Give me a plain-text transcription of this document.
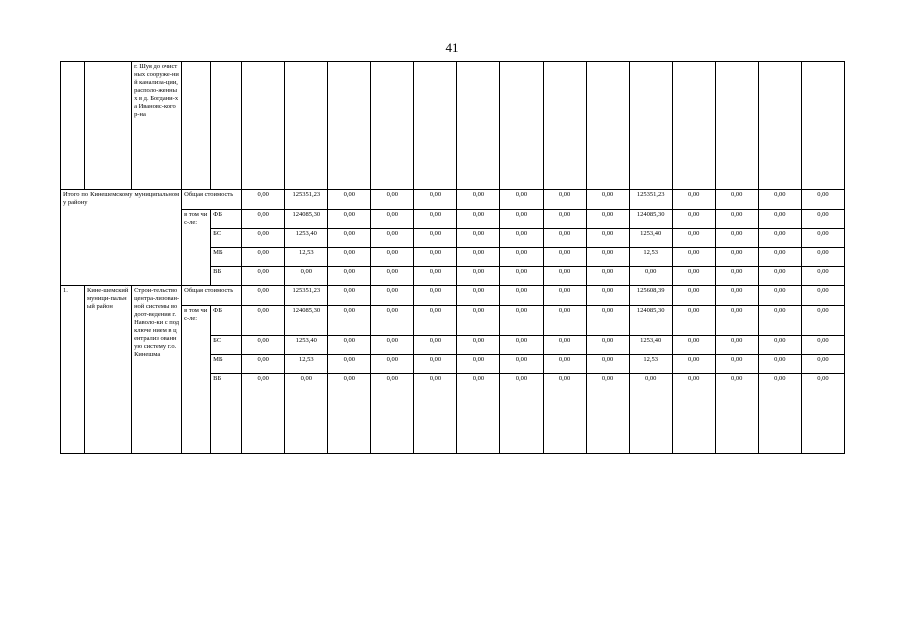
41
		г. Шуя до очистных сооруже-ний канализа-ции, располо-женных в д. Богдани-ха Ивановс-кого р-на																
Итого по Кинешемскому муниципальному району			Общая стоимость		0,00	125351,23	0,00	0,00	0,00	0,00	0,00	0,00	0,00	125351,23	0,00	0,00	0,00	0,00
			в том чис-ле:	ФБ	0,00	124085,30	0,00	0,00	0,00	0,00	0,00	0,00	0,00	124085,30	0,00	0,00	0,00	0,00
				БС	0,00	1253,40	0,00	0,00	0,00	0,00	0,00	0,00	0,00	1253,40	0,00	0,00	0,00	0,00
				МБ	0,00	12,53	0,00	0,00	0,00	0,00	0,00	0,00	0,00	12,53	0,00	0,00	0,00	0,00
				ВБ	0,00	0,00	0,00	0,00	0,00	0,00	0,00	0,00	0,00	0,00	0,00	0,00	0,00	0,00
1.	Кине-шемский муници-пальный район	Строи-тельство центра-лизован-ной системы водоот-ведения г. Наволо-ки с подключе нием в централиз ованную систему г.о. Кинешма	Общая стоимость		0,00	125351,23	0,00	0,00	0,00	0,00	0,00	0,00	0,00	125608,39	0,00	0,00	0,00	0,00
			в том чис-ле:	ФБ	0,00	124085,30	0,00	0,00	0,00	0,00	0,00	0,00	0,00	124085,30	0,00	0,00	0,00	0,00
				БС	0,00	1253,40	0,00	0,00	0,00	0,00	0,00	0,00	0,00	1253,40	0,00	0,00	0,00	0,00
				МБ	0,00	12,53	0,00	0,00	0,00	0,00	0,00	0,00	0,00	12,53	0,00	0,00	0,00	0,00
				ВБ	0,00	0,00	0,00	0,00	0,00	0,00	0,00	0,00	0,00	0,00	0,00	0,00	0,00	0,00
